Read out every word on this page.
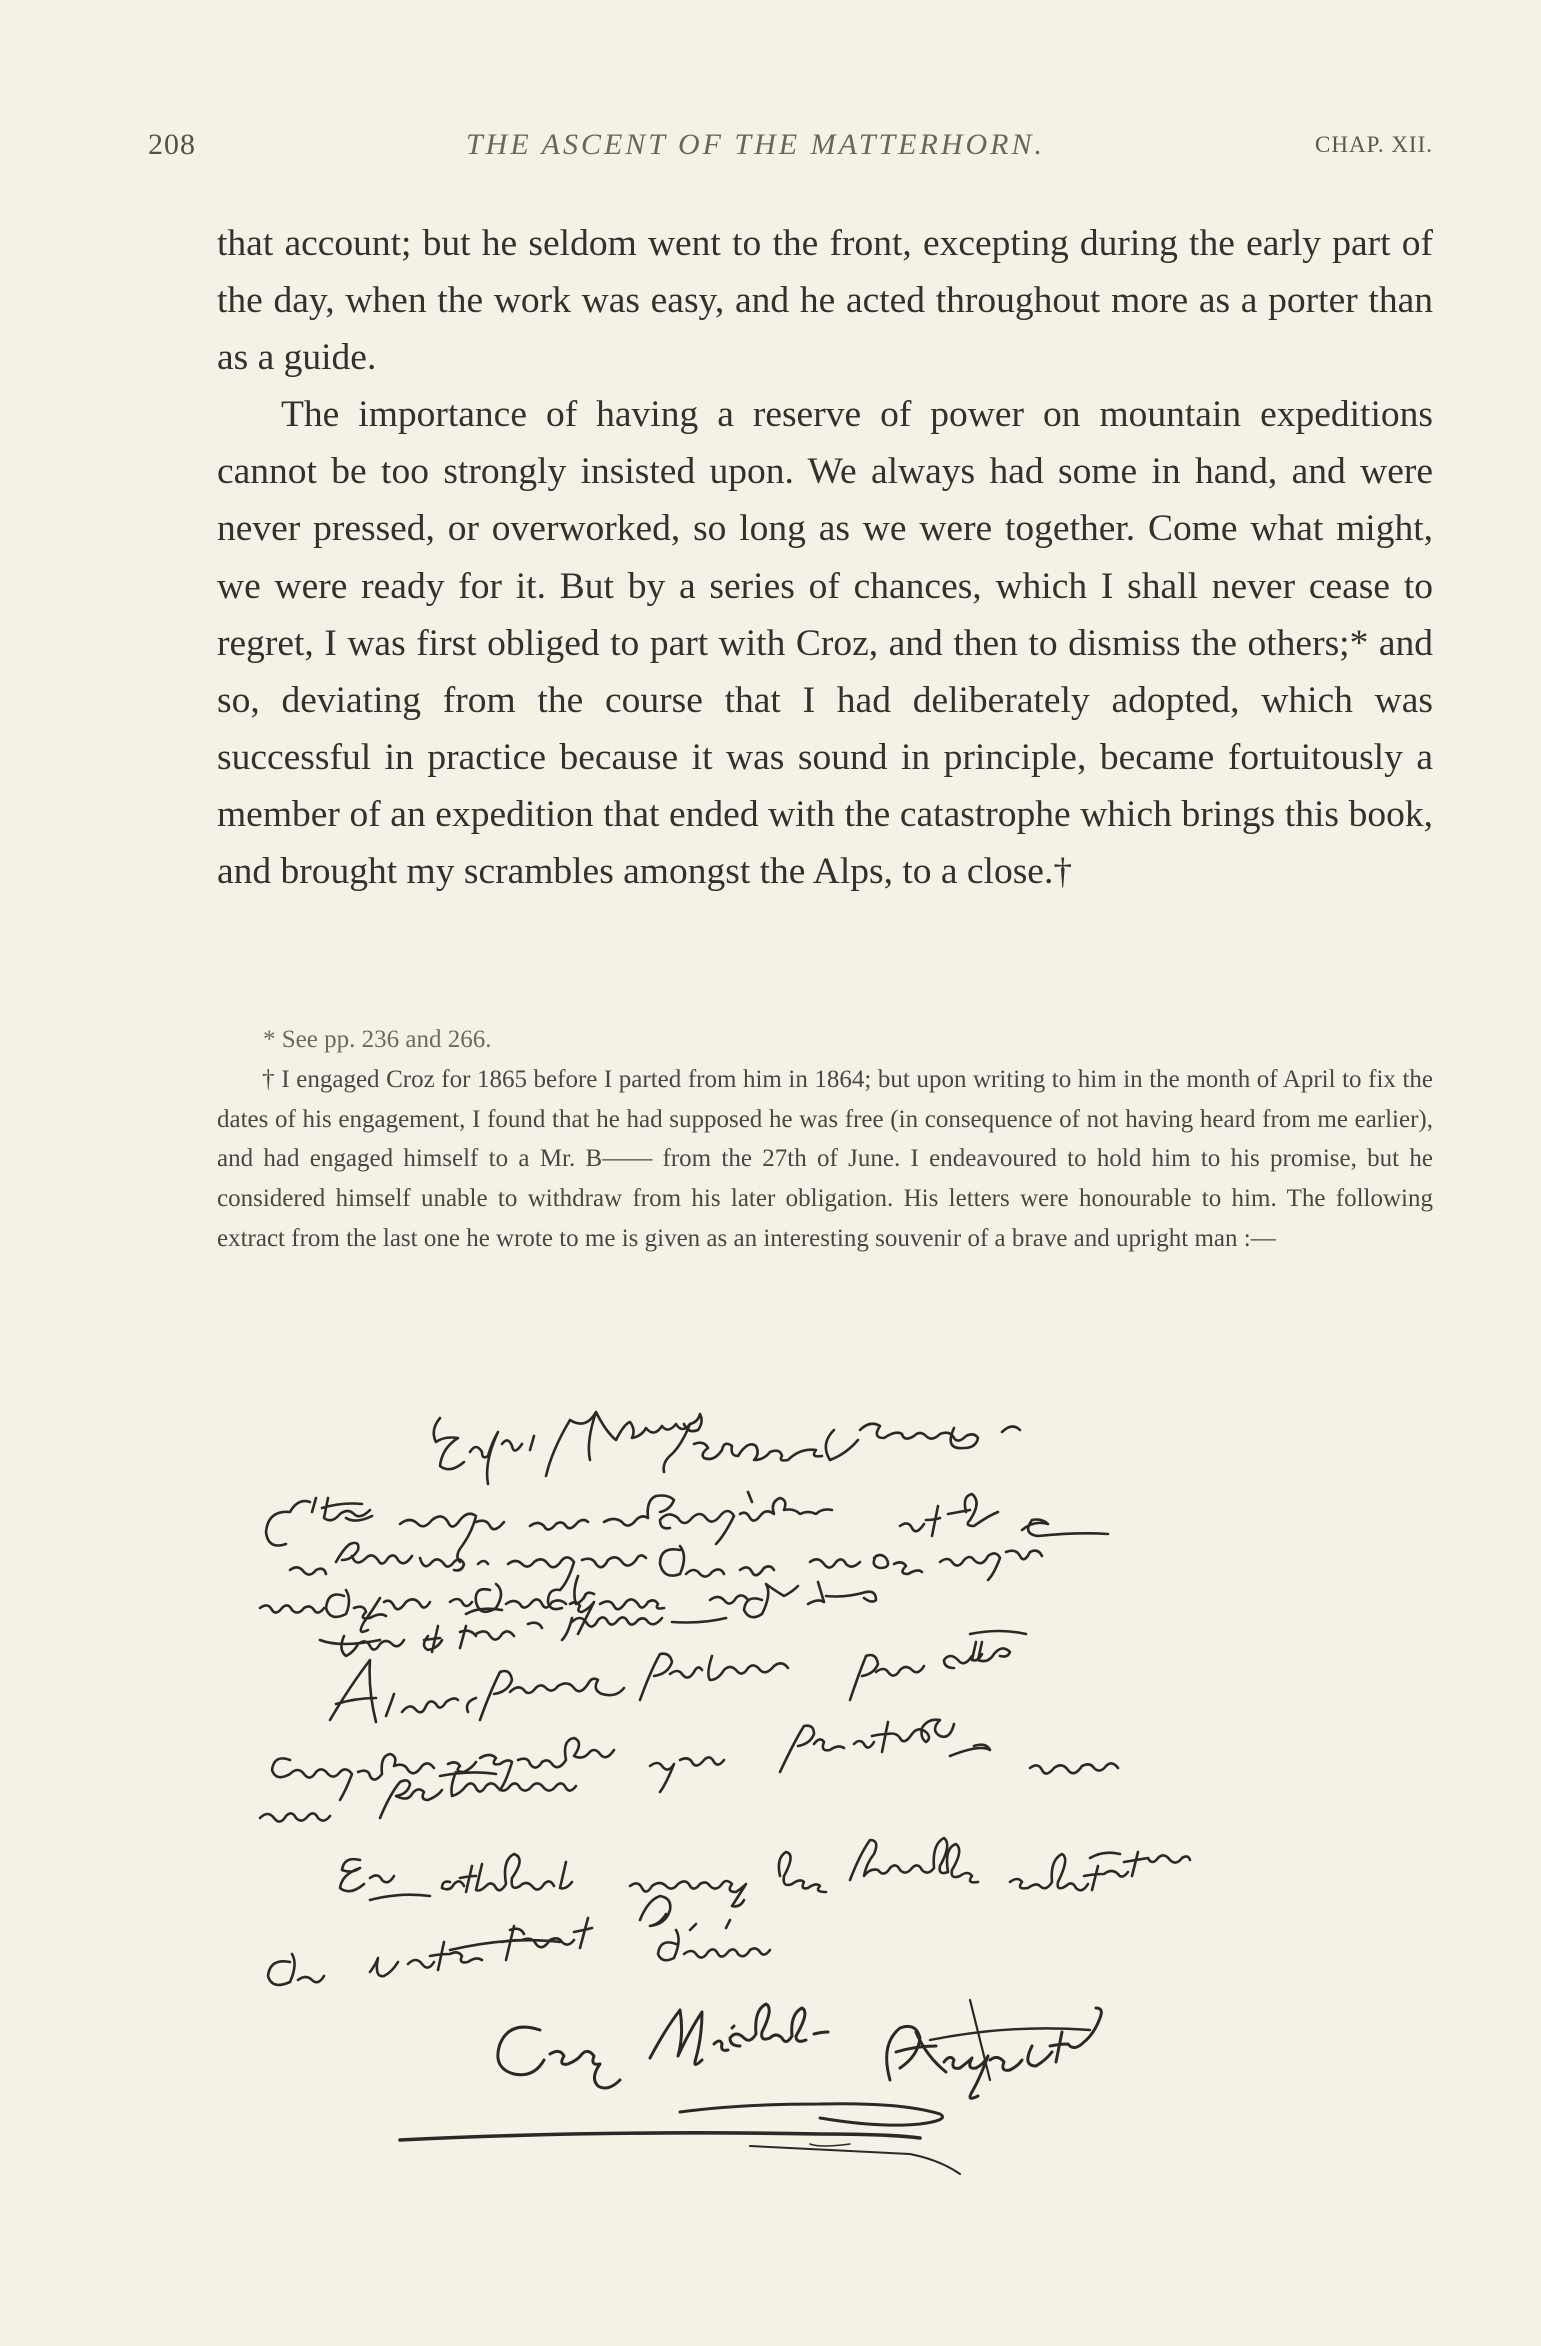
208	THE ASCENT OF THE MATTERHORN.	CHAP. XII.

that account; but he seldom went to the front, excepting during the early part of the day, when the work was easy, and he acted throughout more as a porter than as a guide.

The importance of having a reserve of power on mountain expeditions cannot be too strongly insisted upon. We always had some in hand, and were never pressed, or overworked, so long as we were together. Come what might, we were ready for it. But by a series of chances, which I shall never cease to regret, I was first obliged to part with Croz, and then to dismiss the others;* and so, deviating from the course that I had deliberately adopted, which was successful in practice because it was sound in principle, became fortuitously a member of an expedition that ended with the catastrophe which brings this book, and brought my scrambles amongst the Alps, to a close.†

* See pp. 236 and 266.

† I engaged Croz for 1865 before I parted from him in 1864; but upon writing to him in the month of April to fix the dates of his engagement, I found that he had supposed he was free (in consequence of not having heard from me earlier), and had engaged himself to a Mr. B—— from the 27th of June. I endeavoured to hold him to his promise, but he considered himself unable to withdraw from his later obligation. His letters were honourable to him. The following extract from the last one he wrote to me is given as an interesting souvenir of a brave and upright man :—
